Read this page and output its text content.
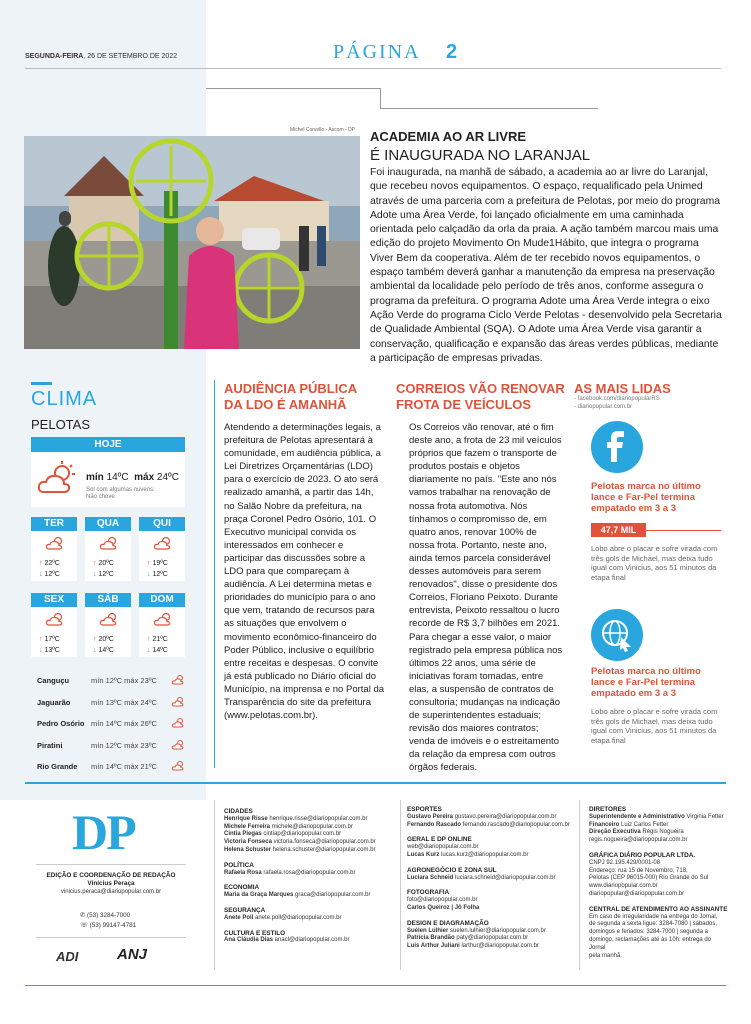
SEGUNDA-FEIRA, 26 DE SETEMBRO DE 2022	PÁGINA 2
Michel Corvello - Ascom - DP ACADEMIA AO AR LIVRE
É INAUGURADA NO LARANJAL
Foi inaugurada, na manhã de sábado, a academia ao ar livre do Laranjal, que recebeu novos equipamentos. O espaço, requalificado pela Unimed através de uma parceria com a prefeitura de Pelotas, por meio do programa Adote uma Área Verde, foi lançado oficialmente em uma caminhada orientada pelo calçadão da orla da praia. A ação também marcou mais uma edição do projeto Movimento On Mude1Hábito, que integra o programa Viver Bem da cooperativa. Além de ter recebido novos equipamentos, o espaço também deverá ganhar a manutenção da empresa na preservação ambiental da localidade pelo período de três anos, conforme assegura o programa da prefeitura. O programa Adote uma Área Verde integra o eixo Ação Verde do programa Ciclo Verde Pelotas - desenvolvido pela Secretaria de Qualidade Ambiental (SQA). O Adote uma Área Verde visa garantir a conservação, qualificação e expansão das áreas verdes públicas, mediante a participação de empresas privadas.
CLIMA
PELOTAS
HOJE
mín 14ºC máx 24ºC
Sol com algumas nuvens.
Não chove
TER
↑ 22ºC
↓ 12ºC
QUA
↑ 20ºC
↓ 12ºC
QUI
↑ 19ºC
↓ 12ºC
SEX
↑ 17ºC
↓ 13ºC
SÁB
↑ 20ºC
↓ 14ºC
DOM
↑ 21ºC
↓ 14ºC
Canguçu	mín 12ºC máx 23ºC
Jaguarão	mín 13ºC máx 24ºC
Pedro Osório mín 14ºC máx 26ºC
Piratini	mín 12ºC máx 23ºC
Rio Grande mín 14ºC máx 21ºC
AUDIÊNCIA PÚBLICA
DA LDO É AMANHÃ
Atendendo a determinações legais, a prefeitura de Pelotas apresentará à comunidade, em audiência pública, a Lei Diretrizes Orçamentárias (LDO) para o exercício de 2023. O ato será realizado amanhã, a partir das 14h, no Salão Nobre da prefeitura, na praça Coronel Pedro Osório, 101. O Executivo municipal convida os interessados em conhecer e participar das discussões sobre a LDO para que compareçam à audiência. A Lei determina metas e prioridades do município para o ano que vem, tratando de recursos para as situações que envolvem o movimento econômico-financeiro do Poder Público, inclusive o equilíbrio entre receitas e despesas. O convite já está publicado no Diário oficial do Município, na imprensa e no Portal da Transparência do site da prefeitura (www.pelotas.com.br).
CORREIOS VÃO RENOVAR
FROTA DE VEÍCULOS
Os Correios vão renovar, até o fim deste ano, a frota de 23 mil veículos próprios que fazem o transporte de produtos postais e objetos diariamente no país. "Este ano nós vamos trabalhar na renovação de nossa frota automotiva. Nós tínhamos o compromisso de, em quatro anos, renovar 100% de nossa frota. Portanto, neste ano, ainda temos parcela considerável desses automóveis para serem renovados", disse o presidente dos Correios, Floriano Peixoto. Durante entrevista, Peixoto ressaltou o lucro recorde de R$ 3,7 bilhões em 2021. Para chegar a esse valor, o maior registrado pela empresa pública nos últimos 22 anos, uma série de iniciativas foram tomadas, entre elas, a suspensão de contratos de consultoria; mudanças na indicação de superintendentes estaduais; revisão dos maiores contratos; venda de imóveis e o estreitamento da relação da empresa com outros órgãos federais.
AS MAIS LIDAS
- facebook.com/diariopopularRS
- diariopopular.com.br
Pelotas marca no último lance e Far-Pel termina empatado em 3 a 3
47,7 MIL
Lobo abre o placar e sofre virada com três gols de Michael, mas deixa tudo igual com Vinicius, aos 51 minutos da etapa final
Pelotas marca no último lance e Far-Pel termina empatado em 3 a 3
Lobo abre o placar e sofre virada com três gols de Michael, mas deixa tudo igual com Vinicius, aos 51 minutos da etapa final
DP
EDIÇÃO E COORDENAÇÃO DE REDAÇÃO
Vinícius Peraça
vinicius.peraca@diariopopular.com.br
✆ (53) 3284-7000
☏ (53) 99147-4781
ADI	ANJ
CIDADES
Henrique Risse henrique.risse@diariopopular.com.br
Michele Ferreira michele@diariopopular.com.br
Cintia Piegas cintiap@diariopopular.com.br
Victoria Fonseca victoria.fonseca@diariopopular.com.br
Helena Schuster helena.schuster@diariopopular.com.br
POLÍTICA
Rafaela Rosa rafaela.rosa@diariopopular.com.br
ECONOMIA
Maria da Graça Marques graca@diariopopular.com.br
SEGURANÇA
Anete Poll anete.poll@diariopopular.com.br
CULTURA E ESTILO
Ana Cláudia Dias anacl@diariopopular.com.br
ESPORTES
Gustavo Pereira gustavo.pereira@diariopopular.com.br
Fernando Rascado fernando.rascado@diariopopular.com.br
GERAL E DP ONLINE
web@diariopopular.com.br
Lucas Kurz lucas.kurz@diariopopular.com.br
AGRONEGÓCIO E ZONA SUL
Luciara Schneid luciara.schneid@diariopopular.com.br
FOTOGRAFIA
foto@diariopopular.com.br
Carlos Queiroz | Jô Folha
DESIGN E DIAGRAMAÇÃO
Suélen Lúlhier suelen.lulhier@diariopopular.com.br
Patrícia Brandão paty@diariopopular.com.br
Luis Arthur Juliani larthur@diariopopular.com.br
DIRETORES
Superintendente e Administrativo Virginia Fetter
Financeiro Luiz Carlos Fetter
Direção Executiva Régis Nogueira
regis.nogueira@diariopopular.com.br
GRÁFICA DIÁRIO POPULAR LTDA.
CNPJ 92.195.429/0001-08
Endereço: rua 15 de Novembro, 718,
Pelotas (CEP 96015-000) Rio Grande do Sul
www.diariopopular.com.br
diariopopular@diariopopular.com.br
CENTRAL DE ATENDIMENTO AO ASSINANTE
Em caso de irregularidade na entrega do Jornal,
de segunda a sexta ligue: 3284-7080 | sábados,
domingos e feriados: 3284-7000 | segunda a
domingo, reclamações até às 10h: entrega do Jornal
pela manhã.
